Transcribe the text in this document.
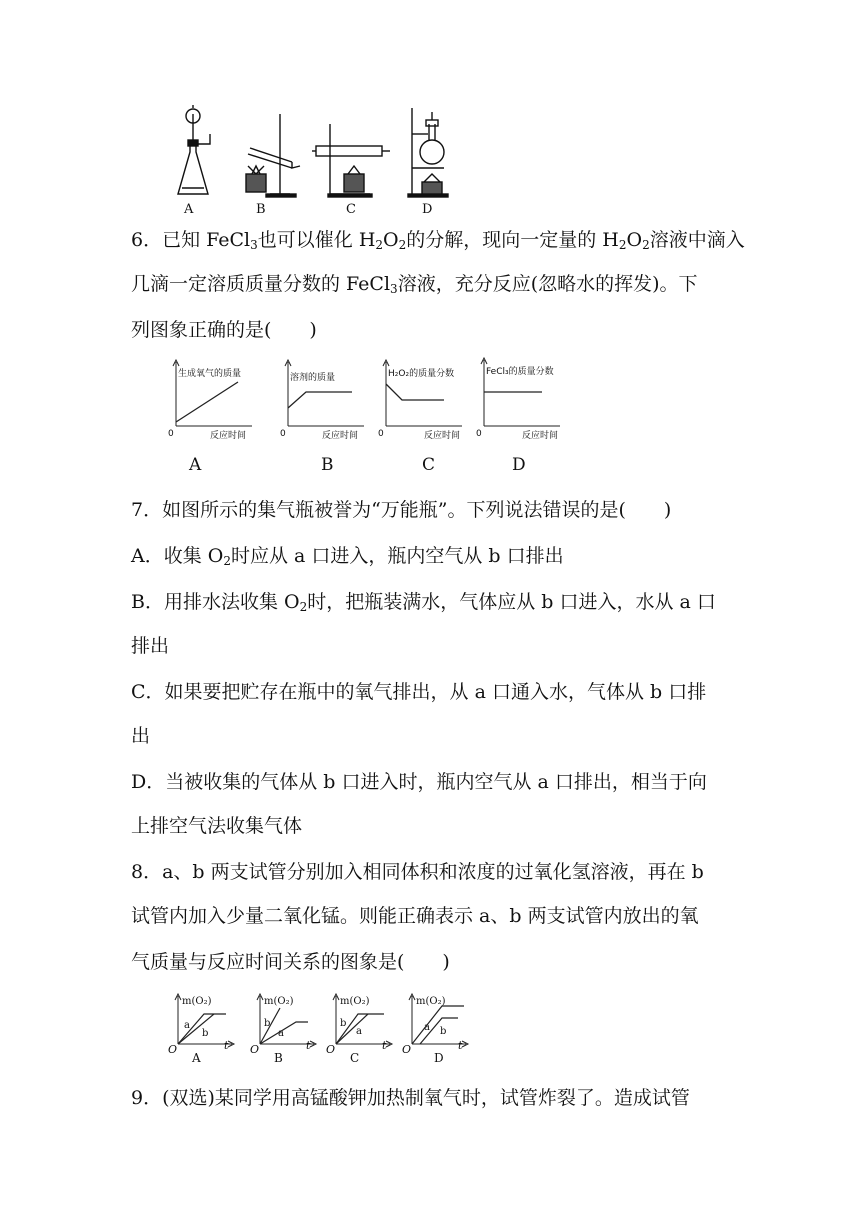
A	B	C	D
6．已知 FeCl$_3$也可以催化 $H_2O_2$的分解，现向一定量的 $H_2O_2$溶液中滴入
几滴一定溶质质量分数的 FeCl$_3$溶液，充分反应(忽略水的挥发)。下
列图象正确的是(　　)
生成氧气的质量
0	反应时间
溶剂的质量
0	反应时间
H₂O₂的质量分数
0	反应时间
FeCl₃的质量分数
0	反应时间
A	B	C	D
7．如图所示的集气瓶被誉为“万能瓶”。下列说法错误的是(　　)
A．收集 $O_2$时应从 a 口进入，瓶内空气从 b 口排出
B．用排水法收集 $O_2$时，把瓶装满水，气体应从 b 口进入，水从 a 口
排出
C．如果要把贮存在瓶中的氧气排出，从 a 口通入水，气体从 b 口排
出
D．当被收集的气体从 b 口进入时，瓶内空气从 a 口排出，相当于向
上排空气法收集气体
8．a、b 两支试管分别加入相同体积和浓度的过氧化氢溶液，再在 b
试管内加入少量二氧化锰。则能正确表示 a、b 两支试管内放出的氧
气质量与反应时间关系的图象是(　　)
m(O₂)
a
b
O	t
A
m(O₂)
b
a
O	t
B
m(O₂)
b
a
O	t
C
m(O₂)
a b
O	t
D
9．(双选)某同学用高锰酸钾加热制氧气时，试管炸裂了。造成试管
